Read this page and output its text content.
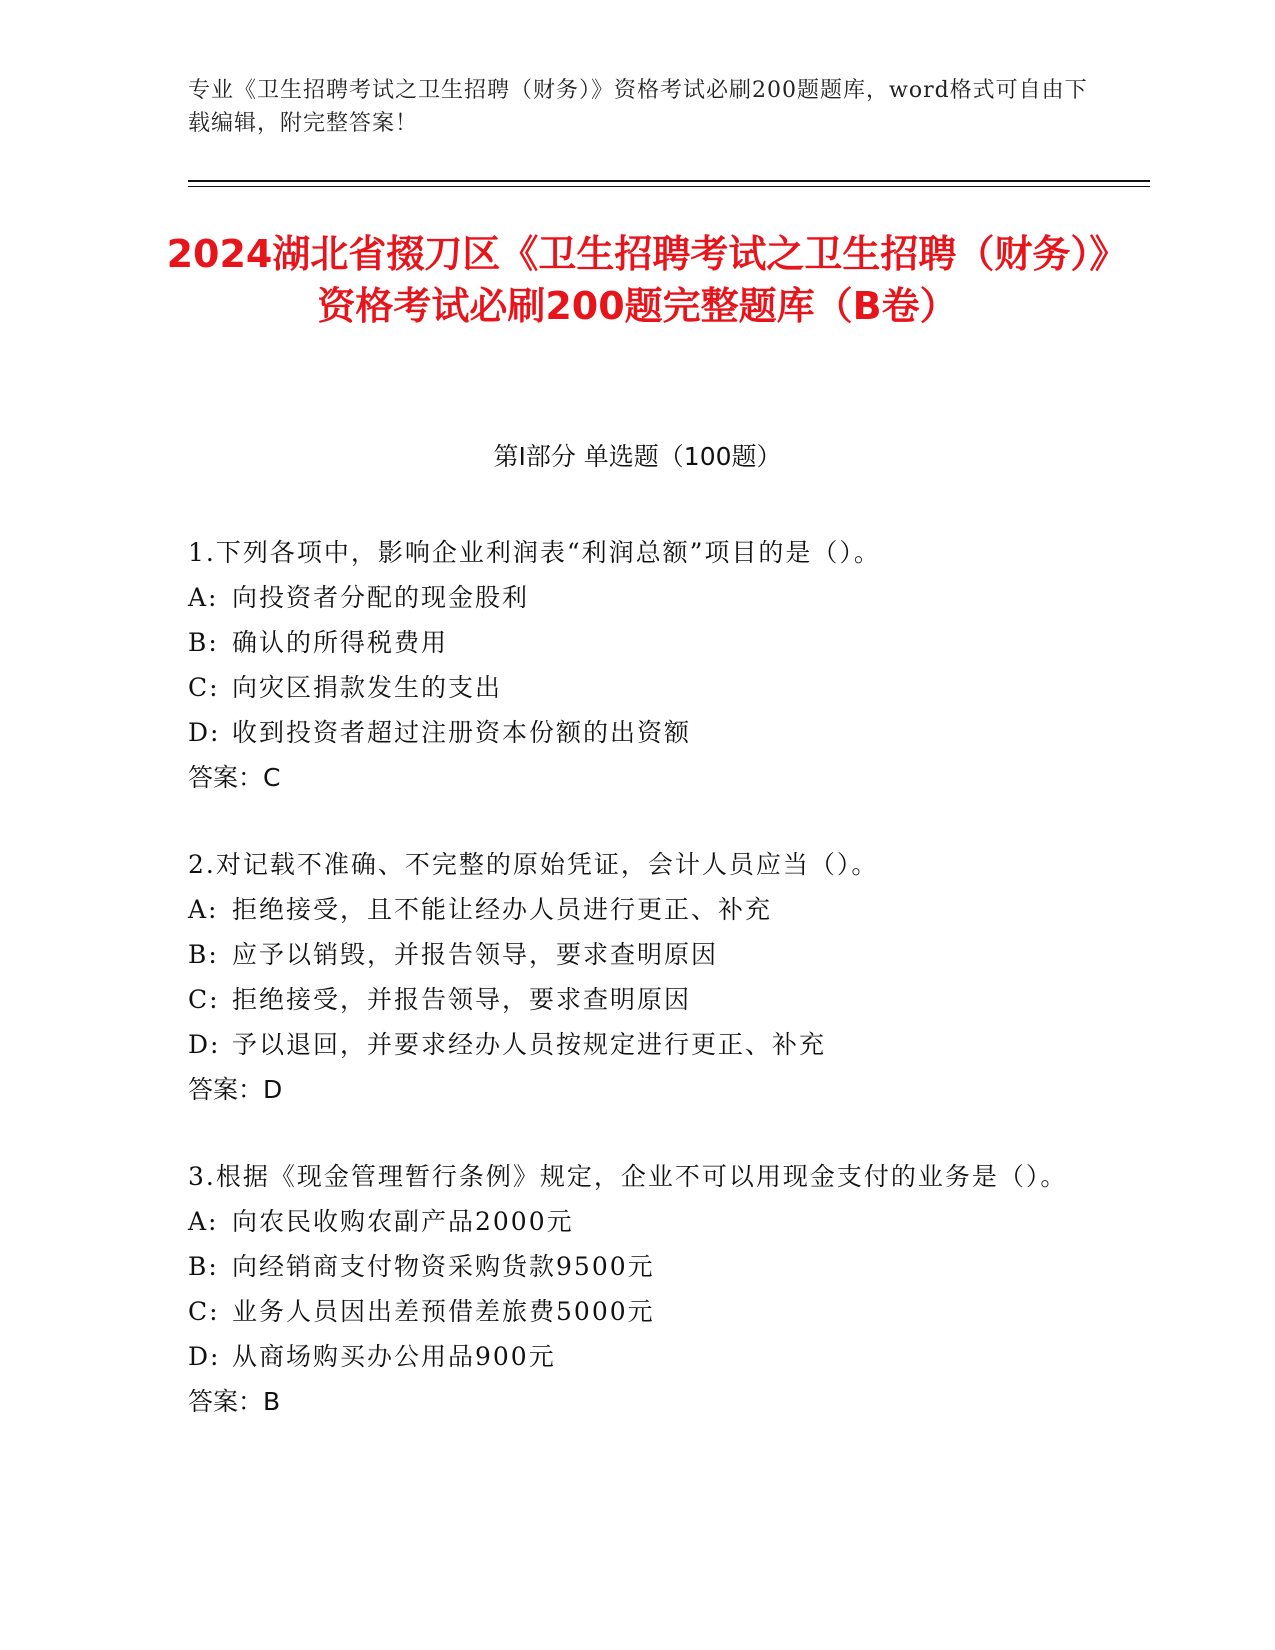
专业《卫生招聘考试之卫生招聘（财务）》资格考试必刷200题题库，word格式可自由下载编辑，附完整答案！
2024湖北省掇刀区《卫生招聘考试之卫生招聘（财务）》资格考试必刷200题完整题库（B卷）
第I部分 单选题（100题）

1.下列各项中，影响企业利润表“利润总额”项目的是（）。

A: 向投资者分配的现金股利

B: 确认的所得税费用

C: 向灾区捐款发生的支出

D: 收到投资者超过注册资本份额的出资额

答案：C

2.对记载不准确、不完整的原始凭证，会计人员应当（）。

A: 拒绝接受，且不能让经办人员进行更正、补充

B: 应予以销毁，并报告领导，要求查明原因

C: 拒绝接受，并报告领导，要求查明原因

D: 予以退回，并要求经办人员按规定进行更正、补充

答案：D

3.根据《现金管理暂行条例》规定，企业不可以用现金支付的业务是（）。

A: 向农民收购农副产品2000元

B: 向经销商支付物资采购货款9500元

C: 业务人员因出差预借差旅费5000元

D: 从商场购买办公用品900元

答案：B
